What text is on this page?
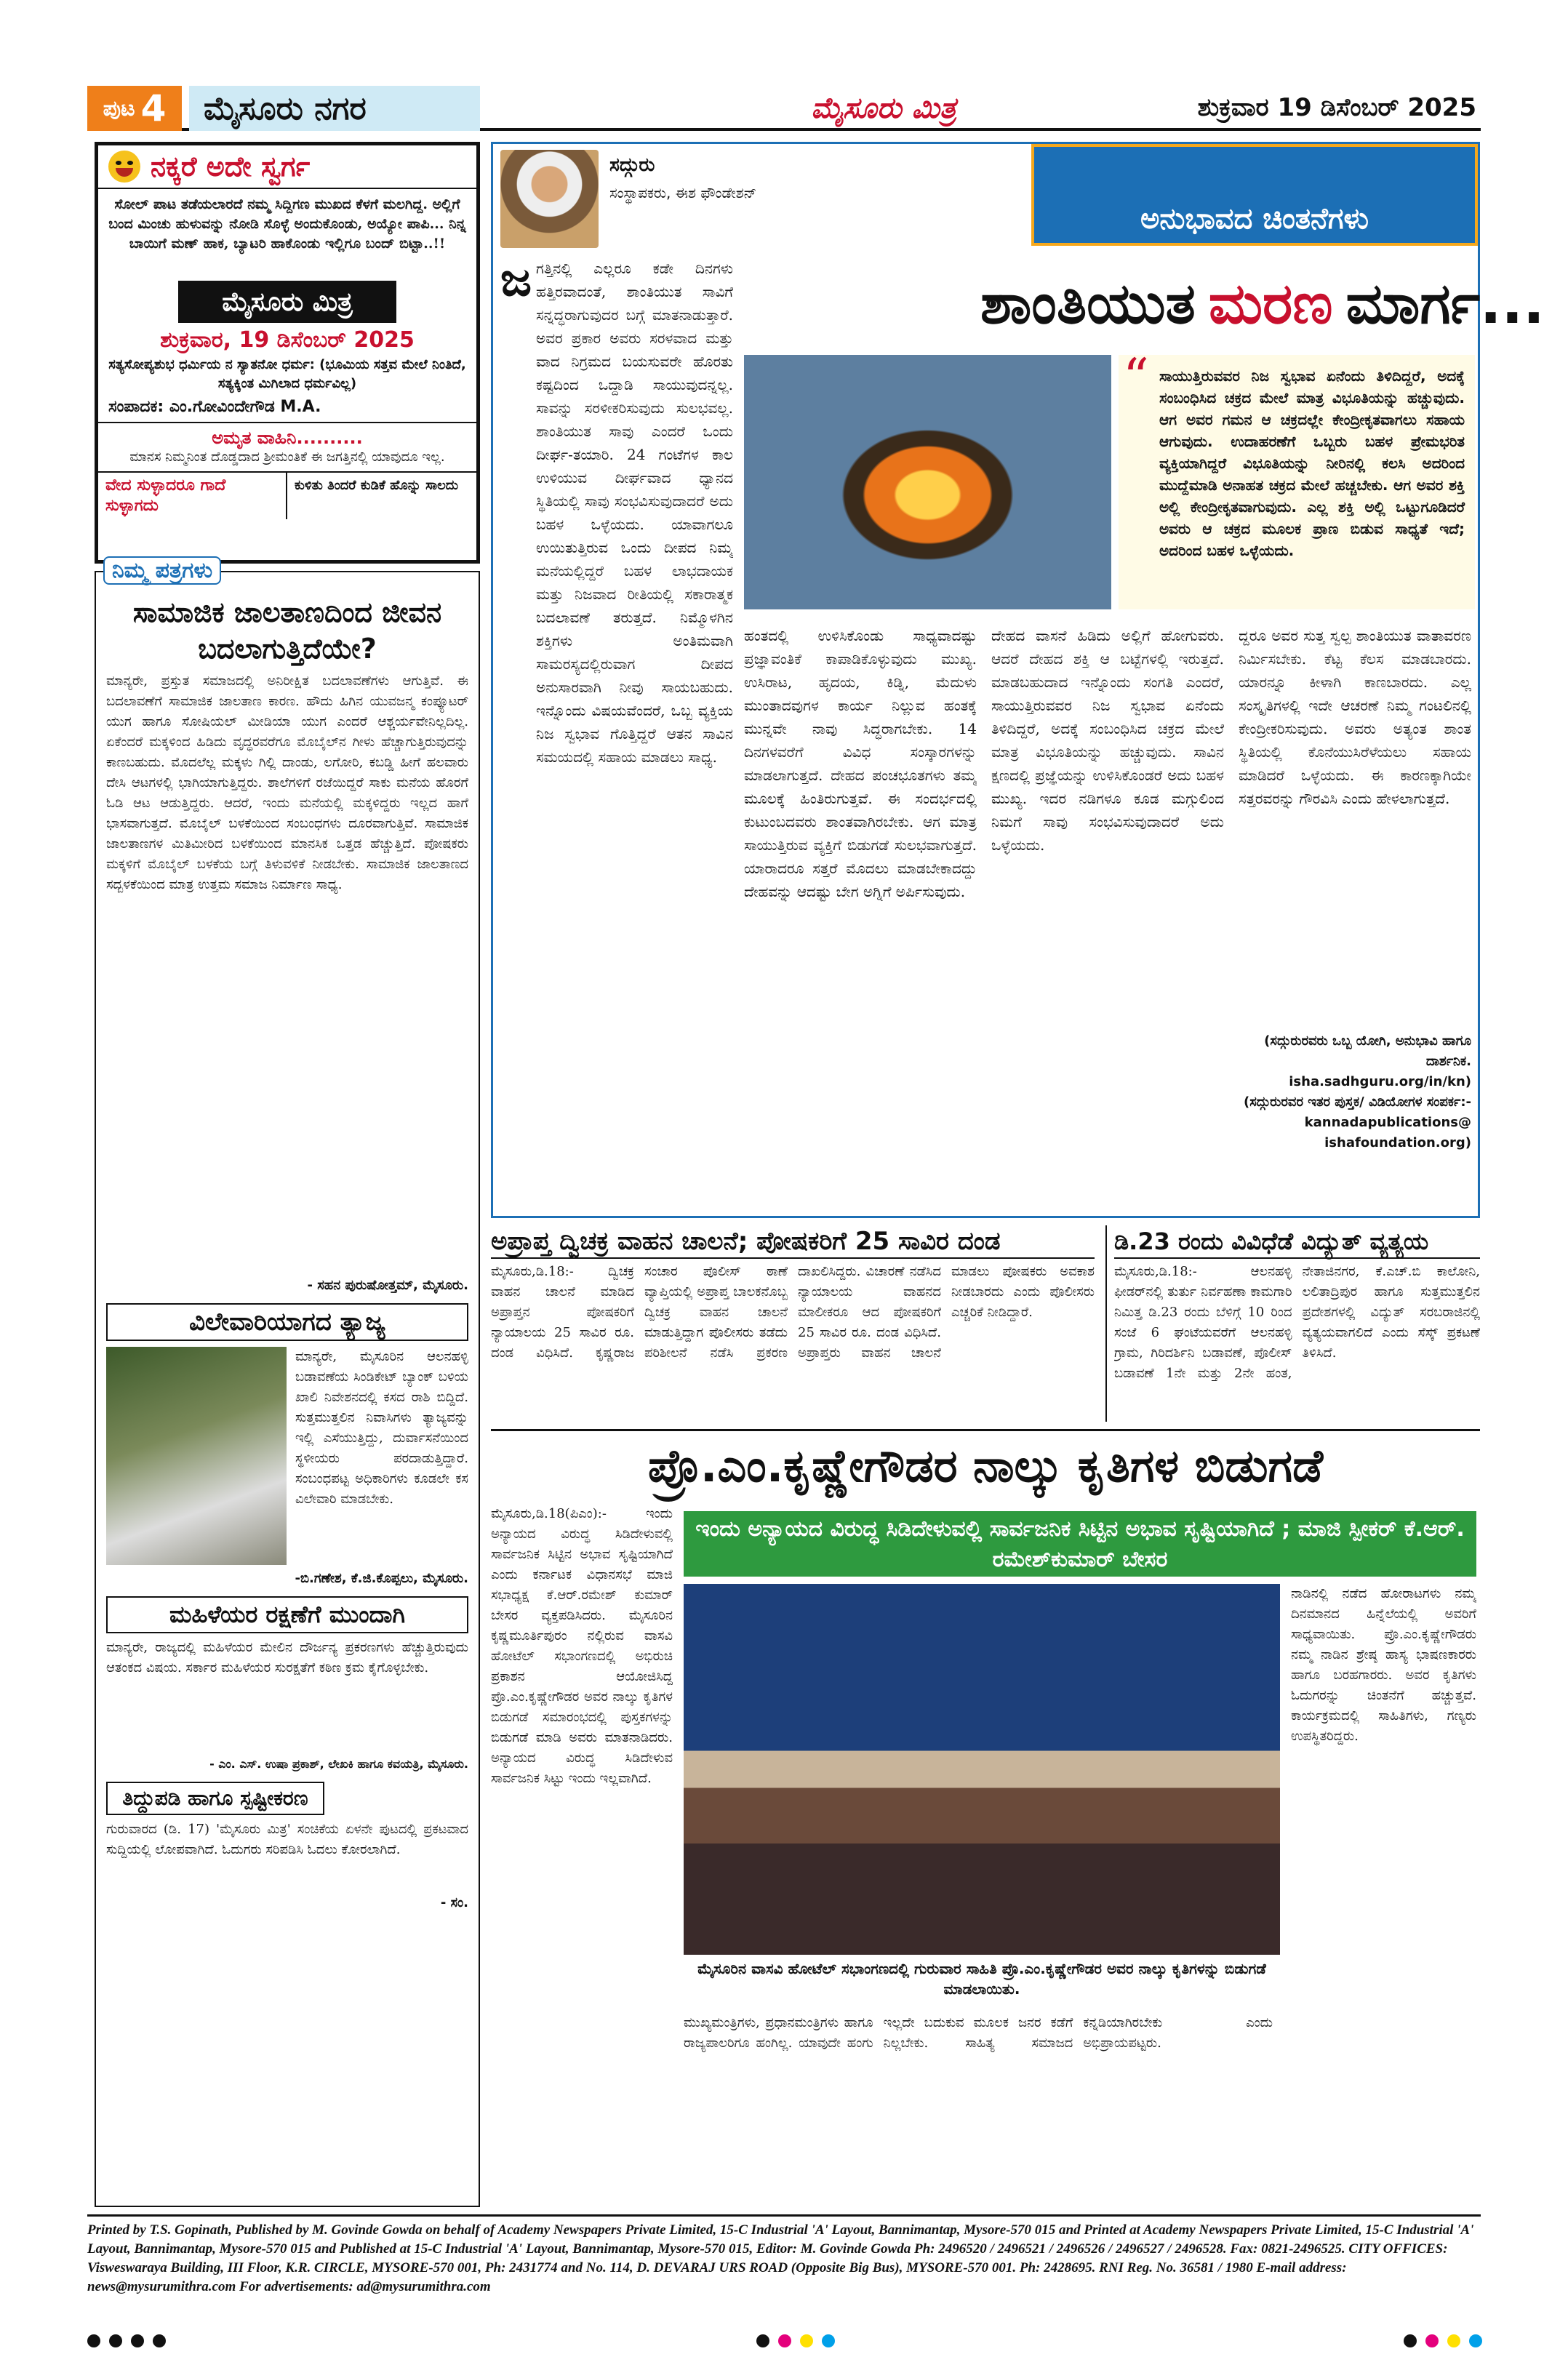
ಪುಟ 4	ಮೈಸೂರು ನಗರ	ಮೈಸೂರು ಮಿತ್ರ	ಶುಕ್ರವಾರ 19 ಡಿಸೆಂಬರ್ 2025
ನಕ್ಕರೆ ಅದೇ ಸ್ವರ್ಗ
ಸೋಲ್ ಪಾಟ ತಡೆಯಲಾರದೆ ನಮ್ಮ ಸಿದ್ದಿಗಣ ಮುಖದ ಕೆಳಗೆ ಮಲಗಿದ್ದ. ಅಲ್ಲಿಗೆ ಬಂದ ಮಿಂಚು ಹುಳುವನ್ನು ನೋಡಿ ಸೊಳ್ಳೆ ಅಂದುಕೊಂಡು, ಅಯ್ಯೋ ಪಾಪಿ... ನಿನ್ನ ಬಾಯಿಗೆ ಮಣ್ ಹಾಕ, ಬ್ಯಾಟರಿ ಹಾಕೊಂಡು ಇಲ್ಲಿಗೂ ಬಂದ್ ಬಿಟ್ಟಾ..!!
ಮೈಸೂರು ಮಿತ್ರ
ಶುಕ್ರವಾರ, 19 ಡಿಸೆಂಬರ್ 2025
ಸತ್ಯಸೋಪ್ಯಶುಭ ಧರ್ಮಿಯ ನ ಸ್ಯಾತನೋ ಧರ್ಮ: (ಭೂಮಿಯ ಸತ್ತವ ಮೇಲೆ ನಿಂತಿದೆ, ಸತ್ಯಕ್ಕಿಂತ ಮಿಗಿಲಾದ ಧರ್ಮವಿಲ್ಲ)
ಸಂಪಾದಕ: ಎಂ.ಗೋವಿಂದೇಗೌಡ M.A.
ಅಮೃತ ವಾಹಿನಿ..........
ಮಾನಸ ನಿಮ್ಮನಿಂತ ದೊಡ್ಡದಾದ ಶ್ರೀಮಂತಿಕೆ ಈ ಜಗತ್ತಿನಲ್ಲಿ ಯಾವುದೂ ಇಲ್ಲ.
ವೇದ ಸುಳ್ಳಾದರೂ ಗಾದೆ ಸುಳ್ಳಾಗದು
ಕುಳಿತು ತಿಂದರೆ ಕುಡಿಕೆ ಹೊನ್ನು ಸಾಲದು
ನಿಮ್ಮ ಪತ್ರಗಳು
ಸಾಮಾಜಿಕ ಜಾಲತಾಣದಿಂದ ಜೀವನ ಬದಲಾಗುತ್ತಿದೆಯೇ?
ಮಾನ್ಯರೇ, ಪ್ರಸ್ತುತ ಸಮಾಜದಲ್ಲಿ ಅನಿರೀಕ್ಷಿತ ಬದಲಾವಣೆಗಳು ಆಗುತ್ತಿವೆ. ಈ ಬದಲಾವಣೆಗೆ ಸಾಮಾಜಿಕ ಜಾಲತಾಣ ಕಾರಣ. ಹೌದು ಹಿಗಿನ ಯುವಜನ್ಮ ಕಂಪ್ಯೂಟರ್ ಯುಗ ಹಾಗೂ ಸೋಷಿಯಲ್ ಮೀಡಿಯಾ ಯುಗ ಎಂದರೆ ಆಶ್ಚರ್ಯವೇನಿಲ್ಲದಿಲ್ಲ. ಏಕೆಂದರೆ ಮಕ್ಕಳಿಂದ ಹಿಡಿದು ವೃದ್ಧರವರೆಗೂ ಮೊಬೈಲ್‌ನ ಗೀಳು ಹೆಚ್ಚಾಗುತ್ತಿರುವುದನ್ನು ಕಾಣಬಹುದು. ಮೊದಲೆಲ್ಲ ಮಕ್ಕಳು ಗಿಲ್ಲಿ ದಾಂಡು, ಲಗೋರಿ, ಕಬಡ್ಡಿ ಹೀಗೆ ಹಲವಾರು ದೇಸಿ ಆಟಗಳಲ್ಲಿ ಭಾಗಿಯಾಗುತ್ತಿದ್ದರು. ಶಾಲೆಗಳಿಗೆ ರಜೆಯಿದ್ದರೆ ಸಾಕು ಮನೆಯ ಹೊರಗೆ ಓಡಿ ಆಟ ಆಡುತ್ತಿದ್ದರು. ಆದರೆ, ಇಂದು ಮನೆಯಲ್ಲಿ ಮಕ್ಕಳಿದ್ದರು ಇಲ್ಲದ ಹಾಗೆ ಭಾಸವಾಗುತ್ತದೆ. ಮೊಬೈಲ್ ಬಳಕೆಯಿಂದ ಸಂಬಂಧಗಳು ದೂರವಾಗುತ್ತಿವೆ. ಸಾಮಾಜಿಕ ಜಾಲತಾಣಗಳ ಮಿತಿಮೀರಿದ ಬಳಕೆಯಿಂದ ಮಾನಸಿಕ ಒತ್ತಡ ಹೆಚ್ಚುತ್ತಿದೆ. ಪೋಷಕರು ಮಕ್ಕಳಿಗೆ ಮೊಬೈಲ್ ಬಳಕೆಯ ಬಗ್ಗೆ ತಿಳುವಳಿಕೆ ನೀಡಬೇಕು. ಸಾಮಾಜಿಕ ಜಾಲತಾಣದ ಸದ್ಬಳಕೆಯಿಂದ ಮಾತ್ರ ಉತ್ತಮ ಸಮಾಜ ನಿರ್ಮಾಣ ಸಾಧ್ಯ.
- ಸಹನ ಪುರುಷೋತ್ತಮ್, ಮೈಸೂರು.
ವಿಲೇವಾರಿಯಾಗದ ತ್ಯಾಜ್ಯ
ಮಾನ್ಯರೇ, ಮೈಸೂರಿನ ಆಲನಹಳ್ಳಿ ಬಡಾವಣೆಯ ಸಿಂಡಿಕೇಟ್ ಬ್ಯಾಂಕ್ ಬಳಿಯ ಖಾಲಿ ನಿವೇಶನದಲ್ಲಿ ಕಸದ ರಾಶಿ ಬಿದ್ದಿದೆ. ಸುತ್ತಮುತ್ತಲಿನ ನಿವಾಸಿಗಳು ತ್ಯಾಜ್ಯವನ್ನು ಇಲ್ಲಿ ಎಸೆಯುತ್ತಿದ್ದು, ದುರ್ವಾಸನೆಯಿಂದ ಸ್ಥಳೀಯರು ಪರದಾಡುತ್ತಿದ್ದಾರೆ. ಸಂಬಂಧಪಟ್ಟ ಅಧಿಕಾರಿಗಳು ಕೂಡಲೇ ಕಸ ವಿಲೇವಾರಿ ಮಾಡಬೇಕು.
-ಬಿ.ಗಣೇಶ, ಕೆ.ಜಿ.ಕೊಪ್ಪಲು, ಮೈಸೂರು.
ಮಹಿಳೆಯರ ರಕ್ಷಣೆಗೆ ಮುಂದಾಗಿ
ಮಾನ್ಯರೇ, ರಾಜ್ಯದಲ್ಲಿ ಮಹಿಳೆಯರ ಮೇಲಿನ ದೌರ್ಜನ್ಯ ಪ್ರಕರಣಗಳು ಹೆಚ್ಚುತ್ತಿರುವುದು ಆತಂಕದ ವಿಷಯ. ಸರ್ಕಾರ ಮಹಿಳೆಯರ ಸುರಕ್ಷತೆಗೆ ಕಠಿಣ ಕ್ರಮ ಕೈಗೊಳ್ಳಬೇಕು.
- ಎಂ. ಎಸ್. ಉಷಾ ಪ್ರಕಾಶ್, ಲೇಖಕಿ ಹಾಗೂ ಕವಯತ್ರಿ, ಮೈಸೂರು.
ತಿದ್ದುಪಡಿ ಹಾಗೂ ಸ್ಪಷ್ಟೀಕರಣ
ಗುರುವಾರದ (ಡಿ. 17) 'ಮೈಸೂರು ಮಿತ್ರ' ಸಂಚಿಕೆಯ ಏಳನೇ ಪುಟದಲ್ಲಿ ಪ್ರಕಟವಾದ ಸುದ್ದಿಯಲ್ಲಿ ಲೋಪವಾಗಿದೆ. ಓದುಗರು ಸರಿಪಡಿಸಿ ಓದಲು ಕೋರಲಾಗಿದೆ.
- ಸಂ.
ಸದ್ಗುರು
ಸಂಸ್ಥಾಪಕರು, ಈಶ ಫೌಂಡೇಶನ್
ಅನುಭಾವದ ಚಿಂತನೆಗಳು
ಶಾಂತಿಯುತ ಮರಣ ಮಾರ್ಗ...
ಜ ಗತ್ತಿನಲ್ಲಿ ಎಲ್ಲರೂ ಕಡೇ ದಿನಗಳು ಹತ್ತಿರವಾದಂತೆ, ಶಾಂತಿಯುತ ಸಾವಿಗೆ ಸನ್ನದ್ಧರಾಗುವುದರ ಬಗ್ಗೆ ಮಾತನಾಡುತ್ತಾರೆ. ಅವರ ಪ್ರಕಾರ ಅವರು ಸರಳವಾದ ಮತ್ತು ವಾದ ನಿಗ್ರಮದ ಬಯಸುವರೇ ಹೊರತು ಕಷ್ಟದಿಂದ ಒದ್ದಾಡಿ ಸಾಯುವುದನ್ನಲ್ಲ. ಸಾವನ್ನು ಸರಳೀಕರಿಸುವುದು ಸುಲಭವಲ್ಲ. ಶಾಂತಿಯುತ ಸಾವು ಎಂದರೆ ಒಂದು ದೀರ್ಘ-ತಯಾರಿ. 24 ಗಂಟೆಗಳ ಕಾಲ ಉಳಿಯುವ ದೀರ್ಘವಾದ ಧ್ಯಾನದ ಸ್ಥಿತಿಯಲ್ಲಿ ಸಾವು ಸಂಭವಿಸುವುದಾದರೆ ಅದು ಬಹಳ ಒಳ್ಳೆಯದು. ಯಾವಾಗಲೂ ಉಯಿತುತ್ತಿರುವ ಒಂದು ದೀಪದ ನಿಮ್ಮ ಮನೆಯಲ್ಲಿದ್ದರೆ ಬಹಳ ಲಾಭದಾಯಕ ಮತ್ತು ನಿಜವಾದ ರೀತಿಯಲ್ಲಿ ಸಕಾರಾತ್ಮಕ ಬದಲಾವಣೆ ತರುತ್ತದೆ. ನಿಮ್ಮೊಳಗಿನ ಶಕ್ತಿಗಳು ಅಂತಿಮವಾಗಿ ಸಾಮರಸ್ಯದಲ್ಲಿರುವಾಗ ದೀಪದ ಅನುಸಾರವಾಗಿ ನೀವು ಸಾಯಬಹುದು. ಇನ್ನೊಂದು ವಿಷಯವೆಂದರೆ, ಒಬ್ಬ ವ್ಯಕ್ತಿಯ ನಿಜ ಸ್ವಭಾವ ಗೊತ್ತಿದ್ದರೆ ಆತನ ಸಾವಿನ ಸಮಯದಲ್ಲಿ ಸಹಾಯ ಮಾಡಲು ಸಾಧ್ಯ.
“ ಸಾಯುತ್ತಿರುವವರ ನಿಜ ಸ್ವಭಾವ ಏನೆಂದು ತಿಳಿದಿದ್ದರೆ, ಅದಕ್ಕೆ ಸಂಬಂಧಿಸಿದ ಚಕ್ರದ ಮೇಲೆ ಮಾತ್ರ ವಿಭೂತಿಯನ್ನು ಹಚ್ಚುವುದು. ಆಗ ಅವರ ಗಮನ ಆ ಚಕ್ರದಲ್ಲೇ ಕೇಂದ್ರೀಕೃತವಾಗಲು ಸಹಾಯ ಆಗುವುದು. ಉದಾಹರಣೆಗೆ ಒಬ್ಬರು ಬಹಳ ಪ್ರೇಮಭರಿತ ವ್ಯಕ್ತಿಯಾಗಿದ್ದರೆ ವಿಭೂತಿಯನ್ನು ನೀರಿನಲ್ಲಿ ಕಲಸಿ ಅದರಿಂದ ಮುದ್ದೆಮಾಡಿ ಅನಾಹತ ಚಕ್ರದ ಮೇಲೆ ಹಚ್ಚಬೇಕು. ಆಗ ಅವರ ಶಕ್ತಿ ಅಲ್ಲಿ ಕೇಂದ್ರೀಕೃತವಾಗುವುದು. ಎಲ್ಲ ಶಕ್ತಿ ಅಲ್ಲಿ ಒಟ್ಟುಗೂಡಿದರೆ ಅವರು ಆ ಚಕ್ರದ ಮೂಲಕ ಪ್ರಾಣ ಬಿಡುವ ಸಾಧ್ಯತೆ ಇದೆ; ಅದರಿಂದ ಬಹಳ ಒಳ್ಳೆಯದು.
ಹಂತದಲ್ಲಿ ಉಳಿಸಿಕೊಂಡು ಸಾಧ್ಯವಾದಷ್ಟು ಪ್ರಜ್ಞಾವಂತಿಕೆ ಕಾಪಾಡಿಕೊಳ್ಳುವುದು ಮುಖ್ಯ. ಉಸಿರಾಟ, ಹೃದಯ, ಕಿಡ್ನಿ, ಮೆದುಳು ಮುಂತಾದವುಗಳ ಕಾರ್ಯ ನಿಲ್ಲುವ ಹಂತಕ್ಕೆ ಮುನ್ನವೇ ನಾವು ಸಿದ್ಧರಾಗಬೇಕು. 14 ದಿನಗಳವರೆಗೆ ವಿವಿಧ ಸಂಸ್ಕಾರಗಳನ್ನು ಮಾಡಲಾಗುತ್ತದೆ. ದೇಹದ ಪಂಚಭೂತಗಳು ತಮ್ಮ ಮೂಲಕ್ಕೆ ಹಿಂತಿರುಗುತ್ತವೆ. ಈ ಸಂದರ್ಭದಲ್ಲಿ ಕುಟುಂಬದವರು ಶಾಂತವಾಗಿರಬೇಕು. ಆಗ ಮಾತ್ರ ಸಾಯುತ್ತಿರುವ ವ್ಯಕ್ತಿಗೆ ಬಿಡುಗಡೆ ಸುಲಭವಾಗುತ್ತದೆ. ಯಾರಾದರೂ ಸತ್ತರೆ ಮೊದಲು ಮಾಡಬೇಕಾದದ್ದು ದೇಹವನ್ನು ಆದಷ್ಟು ಬೇಗ ಅಗ್ನಿಗೆ ಅರ್ಪಿಸುವುದು.
ದೇಹದ ವಾಸನೆ ಹಿಡಿದು ಅಲ್ಲಿಗೆ ಹೋಗುವರು. ಆದರೆ ದೇಹದ ಶಕ್ತಿ ಆ ಬಟ್ಟೆಗಳಲ್ಲಿ ಇರುತ್ತದೆ. ಮಾಡಬಹುದಾದ ಇನ್ನೊಂದು ಸಂಗತಿ ಎಂದರೆ, ಸಾಯುತ್ತಿರುವವರ ನಿಜ ಸ್ವಭಾವ ಏನೆಂದು ತಿಳಿದಿದ್ದರೆ, ಅದಕ್ಕೆ ಸಂಬಂಧಿಸಿದ ಚಕ್ರದ ಮೇಲೆ ಮಾತ್ರ ವಿಭೂತಿಯನ್ನು ಹಚ್ಚುವುದು. ಸಾವಿನ ಕ್ಷಣದಲ್ಲಿ ಪ್ರಜ್ಞೆಯನ್ನು ಉಳಿಸಿಕೊಂಡರೆ ಅದು ಬಹಳ ಮುಖ್ಯ. ಇದರ ನಡಿಗಳೂ ಕೂಡ ಮಗ್ಗುಲಿಂದ ನಿಮಗೆ ಸಾವು ಸಂಭವಿಸುವುದಾದರೆ ಅದು ಒಳ್ಳೆಯದು.
ದ್ದರೂ ಅವರ ಸುತ್ತ ಸ್ವಲ್ಪ ಶಾಂತಿಯುತ ವಾತಾವರಣ ನಿರ್ಮಿಸಬೇಕು. ಕೆಟ್ಟ ಕೆಲಸ ಮಾಡಬಾರದು. ಯಾರನ್ನೂ ಕೀಳಾಗಿ ಕಾಣಬಾರದು. ಎಲ್ಲ ಸಂಸ್ಕೃತಿಗಳಲ್ಲಿ ಇದೇ ಆಚರಣೆ ನಿಮ್ಮ ಗಂಟಲಿನಲ್ಲಿ ಕೇಂದ್ರೀಕರಿಸುವುದು. ಅವರು ಅತ್ಯಂತ ಶಾಂತ ಸ್ಥಿತಿಯಲ್ಲಿ ಕೊನೆಯುಸಿರೆಳೆಯಲು ಸಹಾಯ ಮಾಡಿದರೆ ಒಳ್ಳೆಯದು. ಈ ಕಾರಣಕ್ಕಾಗಿಯೇ ಸತ್ತರವರನ್ನು ಗೌರವಿಸಿ ಎಂದು ಹೇಳಲಾಗುತ್ತದೆ.
(ಸದ್ಗುರುರವರು ಒಬ್ಬ ಯೋಗಿ, ಅನುಭಾವಿ ಹಾಗೂ ದಾರ್ಶನಿಕ.
isha.sadhguru.org/in/kn)
(ಸದ್ಗುರುರವರ ಇತರ ಪುಸ್ತಕ/ ವಿಡಿಯೋಗಳ ಸಂಪರ್ಕ:-
kannadapublications@ ishafoundation.org)
ಅಪ್ರಾಪ್ತ ದ್ವಿಚಕ್ರ ವಾಹನ ಚಾಲನೆ; ಪೋಷಕರಿಗೆ 25 ಸಾವಿರ ದಂಡ
ಮೈಸೂರು,ಡಿ.18:- ದ್ವಿಚಕ್ರ ವಾಹನ ಚಾಲನೆ ಮಾಡಿದ ಅಪ್ರಾಪ್ತನ ಪೋಷಕರಿಗೆ ನ್ಯಾಯಾಲಯ 25 ಸಾವಿರ ರೂ. ದಂಡ ವಿಧಿಸಿದೆ. ಕೃಷ್ಣರಾಜ ಸಂಚಾರ ಪೊಲೀಸ್ ಠಾಣೆ ವ್ಯಾಪ್ತಿಯಲ್ಲಿ ಅಪ್ರಾಪ್ತ ಬಾಲಕನೊಬ್ಬ ದ್ವಿಚಕ್ರ ವಾಹನ ಚಾಲನೆ ಮಾಡುತ್ತಿದ್ದಾಗ ಪೊಲೀಸರು ತಡೆದು ಪರಿಶೀಲನೆ ನಡೆಸಿ ಪ್ರಕರಣ ದಾಖಲಿಸಿದ್ದರು. ವಿಚಾರಣೆ ನಡೆಸಿದ ನ್ಯಾಯಾಲಯ ವಾಹನದ ಮಾಲೀಕರೂ ಆದ ಪೋಷಕರಿಗೆ 25 ಸಾವಿರ ರೂ. ದಂಡ ವಿಧಿಸಿದೆ. ಅಪ್ರಾಪ್ತರು ವಾಹನ ಚಾಲನೆ ಮಾಡಲು ಪೋಷಕರು ಅವಕಾಶ ನೀಡಬಾರದು ಎಂದು ಪೊಲೀಸರು ಎಚ್ಚರಿಕೆ ನೀಡಿದ್ದಾರೆ.
ಡಿ.23 ರಂದು ವಿವಿಧೆಡೆ ವಿದ್ಯುತ್ ವ್ಯತ್ಯಯ
ಮೈಸೂರು,ಡಿ.18:- ಆಲನಹಳ್ಳಿ ಫೀಡರ್‌ನಲ್ಲಿ ತುರ್ತು ನಿರ್ವಹಣಾ ಕಾಮಗಾರಿ ನಿಮಿತ್ತ ಡಿ.23 ರಂದು ಬೆಳಿಗ್ಗೆ 10 ರಿಂದ ಸಂಜೆ 6 ಘಂಟೆಯವರೆಗೆ ಆಲನಹಳ್ಳಿ ಗ್ರಾಮ, ಗಿರಿದರ್ಶಿನಿ ಬಡಾವಣೆ, ಪೊಲೀಸ್ ಬಡಾವಣೆ 1ನೇ ಮತ್ತು 2ನೇ ಹಂತ, ನೇತಾಜಿನಗರ, ಕೆ.ಎಚ್.ಬಿ ಕಾಲೋನಿ, ಲಲಿತಾದ್ರಿಪುರ ಹಾಗೂ ಸುತ್ತಮುತ್ತಲಿನ ಪ್ರದೇಶಗಳಲ್ಲಿ ವಿದ್ಯುತ್ ಸರಬರಾಜಿನಲ್ಲಿ ವ್ಯತ್ಯಯವಾಗಲಿದೆ ಎಂದು ಸೆಸ್ಕ್ ಪ್ರಕಟಣೆ ತಿಳಿಸಿದೆ.
ಪ್ರೊ.ಎಂ.ಕೃಷ್ಣೇಗೌಡರ ನಾಲ್ಕು ಕೃತಿಗಳ ಬಿಡುಗಡೆ
ಮೈಸೂರು,ಡಿ.18(ಪಿಎಂ):- ಇಂದು ಅನ್ಯಾಯದ ವಿರುದ್ಧ ಸಿಡಿದೇಳುವಲ್ಲಿ ಸಾರ್ವಜನಿಕ ಸಿಟ್ಟಿನ ಅಭಾವ ಸೃಷ್ಟಿಯಾಗಿದೆ ಎಂದು ಕರ್ನಾಟಕ ವಿಧಾನಸಭೆ ಮಾಜಿ ಸಭಾಧ್ಯಕ್ಷ ಕೆ.ಆರ್.ರಮೇಶ್ ಕುಮಾರ್ ಬೇಸರ ವ್ಯಕ್ತಪಡಿಸಿದರು. ಮೈಸೂರಿನ ಕೃಷ್ಣಮೂರ್ತಿಪುರಂ ನಲ್ಲಿರುವ ವಾಸವಿ ಹೋಟೆಲ್ ಸಭಾಂಗಣದಲ್ಲಿ ಅಭಿರುಚಿ ಪ್ರಕಾಶನ ಆಯೋಜಿಸಿದ್ದ ಪ್ರೊ.ಎಂ.ಕೃಷ್ಣೇಗೌಡರ ಅವರ ನಾಲ್ಕು ಕೃತಿಗಳ ಬಿಡುಗಡೆ ಸಮಾರಂಭದಲ್ಲಿ ಪುಸ್ತಕಗಳನ್ನು ಬಿಡುಗಡೆ ಮಾಡಿ ಅವರು ಮಾತನಾಡಿದರು. ಅನ್ಯಾಯದ ವಿರುದ್ಧ ಸಿಡಿದೇಳುವ ಸಾರ್ವಜನಿಕ ಸಿಟ್ಟು ಇಂದು ಇಲ್ಲವಾಗಿದೆ.
ಇಂದು ಅನ್ಯಾಯದ ವಿರುದ್ಧ ಸಿಡಿದೇಳುವಲ್ಲಿ ಸಾರ್ವಜನಿಕ ಸಿಟ್ಟಿನ ಅಭಾವ ಸೃಷ್ಟಿಯಾಗಿದೆ ; ಮಾಜಿ ಸ್ಪೀಕರ್ ಕೆ.ಆರ್. ರಮೇಶ್‌ಕುಮಾರ್ ಬೇಸರ
ಮೈಸೂರಿನ ವಾಸವಿ ಹೋಟೆಲ್ ಸಭಾಂಗಣದಲ್ಲಿ ಗುರುವಾರ ಸಾಹಿತಿ ಪ್ರೊ.ಎಂ.ಕೃಷ್ಣೇಗೌಡರ ಅವರ ನಾಲ್ಕು ಕೃತಿಗಳನ್ನು ಬಿಡುಗಡೆ ಮಾಡಲಾಯಿತು.
ಮುಖ್ಯಮಂತ್ರಿಗಳು, ಪ್ರಧಾನಮಂತ್ರಿಗಳು ಹಾಗೂ ರಾಜ್ಯಪಾಲರಿಗೂ ಹಂಗಿಲ್ಲ. ಯಾವುದೇ ಹಂಗು ಇಲ್ಲದೇ ಬದುಕುವ ಮೂಲಕ ಜನರ ಕಡೆಗೆ ನಿಲ್ಲಬೇಕು. ಸಾಹಿತ್ಯ ಸಮಾಜದ ಕನ್ನಡಿಯಾಗಿರಬೇಕು ಎಂದು ಅಭಿಪ್ರಾಯಪಟ್ಟರು.
ನಾಡಿನಲ್ಲಿ ನಡೆದ ಹೋರಾಟಗಳು ನಮ್ಮ ದಿನಮಾನದ ಹಿನ್ನೆಲೆಯಲ್ಲಿ ಅವರಿಗೆ ಸಾಧ್ಯವಾಯಿತು. ಪ್ರೊ.ಎಂ.ಕೃಷ್ಣೇಗೌಡರು ನಮ್ಮ ನಾಡಿನ ಶ್ರೇಷ್ಠ ಹಾಸ್ಯ ಭಾಷಣಕಾರರು ಹಾಗೂ ಬರಹಗಾರರು. ಅವರ ಕೃತಿಗಳು ಓದುಗರನ್ನು ಚಿಂತನೆಗೆ ಹಚ್ಚುತ್ತವೆ. ಕಾರ್ಯಕ್ರಮದಲ್ಲಿ ಸಾಹಿತಿಗಳು, ಗಣ್ಯರು ಉಪಸ್ಥಿತರಿದ್ದರು.
Printed by T.S. Gopinath, Published by M. Govinde Gowda on behalf of Academy Newspapers Private Limited, 15-C Industrial 'A' Layout, Bannimantap, Mysore-570 015 and Printed at Academy Newspapers Private Limited, 15-C Industrial 'A' Layout, Bannimantap, Mysore-570 015 and Published at 15-C Industrial 'A' Layout, Bannimantap, Mysore-570 015, Editor: M. Govinde Gowda Ph: 2496520 / 2496521 / 2496526 / 2496527 / 2496528. Fax: 0821-2496525. CITY OFFICES: Visweswaraya Building, III Floor, K.R. CIRCLE, MYSORE-570 001, Ph: 2431774 and No. 114, D. DEVARAJ URS ROAD (Opposite Big Bus), MYSORE-570 001. Ph: 2428695. RNI Reg. No. 36581 / 1980 E-mail address: news@mysurumithra.com For advertisements: ad@mysurumithra.com
